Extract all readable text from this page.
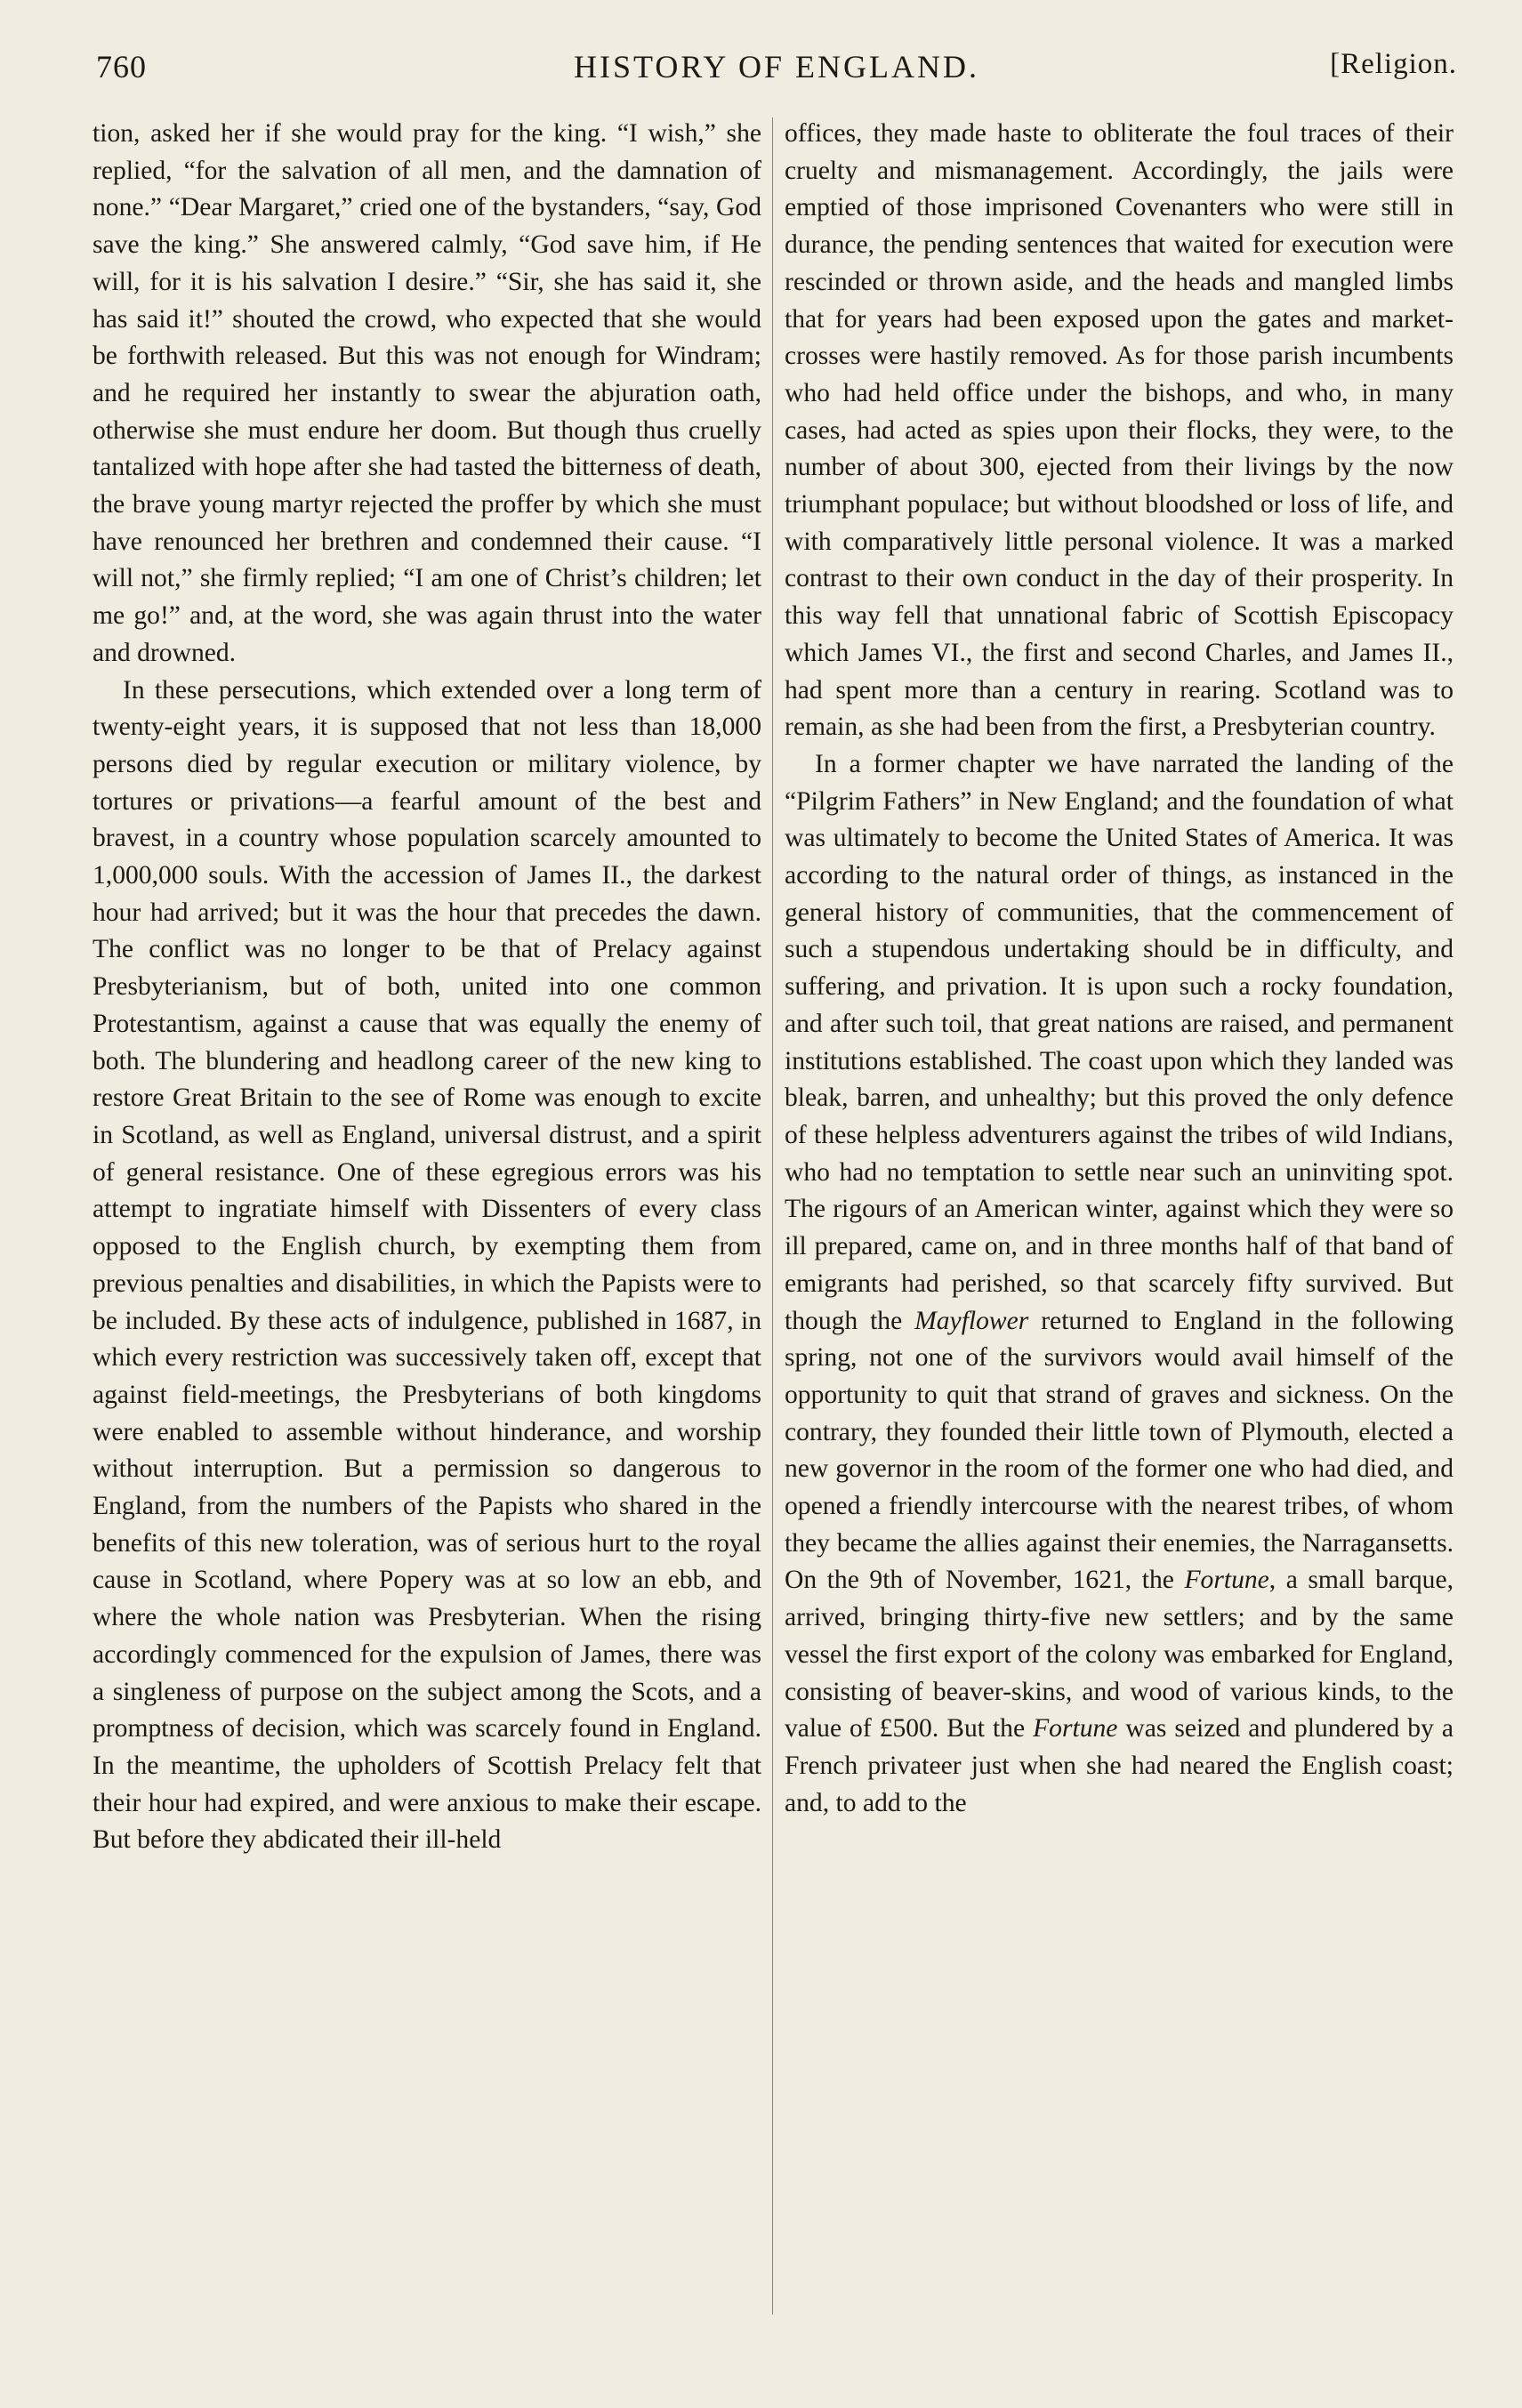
760	HISTORY OF ENGLAND.	[Religion.

tion, asked her if she would pray for the king. “I wish,” she replied, “for the salvation of all men, and the damnation of none.” “Dear Margaret,” cried one of the bystanders, “say, God save the king.” She answered calmly, “God save him, if He will, for it is his salvation I desire.” “Sir, she has said it, she has said it!” shouted the crowd, who expected that she would be forthwith released. But this was not enough for Windram; and he required her instantly to swear the abjuration oath, otherwise she must endure her doom. But though thus cruelly tantalized with hope after she had tasted the bitterness of death, the brave young martyr rejected the proffer by which she must have renounced her brethren and condemned their cause. “I will not,” she firmly replied; “I am one of Christ’s children; let me go!” and, at the word, she was again thrust into the water and drowned.

In these persecutions, which extended over a long term of twenty-eight years, it is supposed that not less than 18,000 persons died by regular execution or military violence, by tortures or privations—a fearful amount of the best and bravest, in a country whose population scarcely amounted to 1,000,000 souls. With the accession of James II., the darkest hour had arrived; but it was the hour that precedes the dawn. The conflict was no longer to be that of Prelacy against Presbyterianism, but of both, united into one common Protestantism, against a cause that was equally the enemy of both. The blundering and headlong career of the new king to restore Great Britain to the see of Rome was enough to excite in Scotland, as well as England, universal distrust, and a spirit of general resistance. One of these egregious errors was his attempt to ingratiate himself with Dissenters of every class opposed to the English church, by exempting them from previous penalties and disabilities, in which the Papists were to be included. By these acts of indulgence, published in 1687, in which every restriction was successively taken off, except that against field-meetings, the Presbyterians of both kingdoms were enabled to assemble without hinderance, and worship without interruption. But a permission so dangerous to England, from the numbers of the Papists who shared in the benefits of this new toleration, was of serious hurt to the royal cause in Scotland, where Popery was at so low an ebb, and where the whole nation was Presbyterian. When the rising accordingly commenced for the expulsion of James, there was a singleness of purpose on the subject among the Scots, and a promptness of decision, which was scarcely found in England. In the meantime, the upholders of Scottish Prelacy felt that their hour had expired, and were anxious to make their escape. But before they abdicated their ill-held

offices, they made haste to obliterate the foul traces of their cruelty and mismanagement. Accordingly, the jails were emptied of those imprisoned Covenanters who were still in durance, the pending sentences that waited for execution were rescinded or thrown aside, and the heads and mangled limbs that for years had been exposed upon the gates and market-crosses were hastily removed. As for those parish incumbents who had held office under the bishops, and who, in many cases, had acted as spies upon their flocks, they were, to the number of about 300, ejected from their livings by the now triumphant populace; but without bloodshed or loss of life, and with comparatively little personal violence. It was a marked contrast to their own conduct in the day of their prosperity. In this way fell that unnational fabric of Scottish Episcopacy which James VI., the first and second Charles, and James II., had spent more than a century in rearing. Scotland was to remain, as she had been from the first, a Presbyterian country.

In a former chapter we have narrated the landing of the “Pilgrim Fathers” in New England; and the foundation of what was ultimately to become the United States of America. It was according to the natural order of things, as instanced in the general history of communities, that the commencement of such a stupendous undertaking should be in difficulty, and suffering, and privation. It is upon such a rocky foundation, and after such toil, that great nations are raised, and permanent institutions established. The coast upon which they landed was bleak, barren, and unhealthy; but this proved the only defence of these helpless adventurers against the tribes of wild Indians, who had no temptation to settle near such an uninviting spot. The rigours of an American winter, against which they were so ill prepared, came on, and in three months half of that band of emigrants had perished, so that scarcely fifty survived. But though the Mayflower returned to England in the following spring, not one of the survivors would avail himself of the opportunity to quit that strand of graves and sickness. On the contrary, they founded their little town of Plymouth, elected a new governor in the room of the former one who had died, and opened a friendly intercourse with the nearest tribes, of whom they became the allies against their enemies, the Narragansetts. On the 9th of November, 1621, the Fortune, a small barque, arrived, bringing thirty-five new settlers; and by the same vessel the first export of the colony was embarked for England, consisting of beaver-skins, and wood of various kinds, to the value of £500. But the Fortune was seized and plundered by a French privateer just when she had neared the English coast; and, to add to the
